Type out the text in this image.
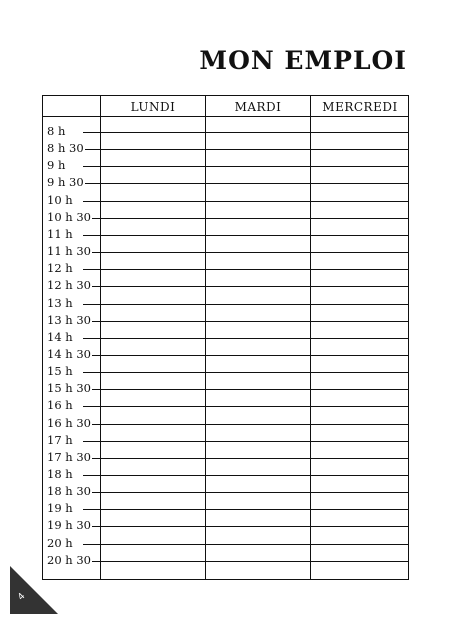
MON EMPLOI
LUNDI	MARDI	MERCREDI
8 h
8 h 30
9 h
9 h 30
10 h
10 h 30
11 h
11 h 30
12 h
12 h 30
13 h
13 h 30
14 h
14 h 30
15 h
15 h 30
16 h
16 h 30
17 h
17 h 30
18 h
18 h 30
19 h
19 h 30
20 h
20 h 30
4
